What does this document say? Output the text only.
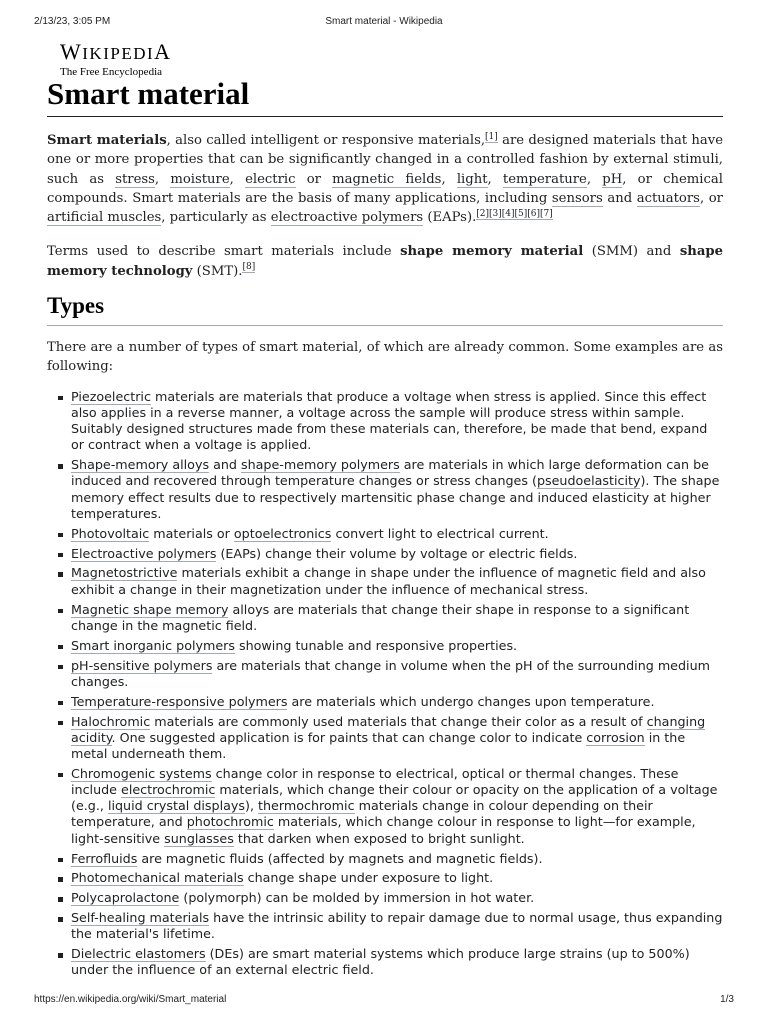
2/13/23, 3:05 PM	Smart material - Wikipedia
WIKIPEDIA
The Free Encyclopedia
Smart material

Smart materials, also called intelligent or responsive materials,[1] are designed materials that have one or more properties that can be significantly changed in a controlled fashion by external stimuli, such as stress, moisture, electric or magnetic fields, light, temperature, pH, or chemical compounds. Smart materials are the basis of many applications, including sensors and actuators, or artificial muscles, particularly as electroactive polymers (EAPs).[2][3][4][5][6][7]

Terms used to describe smart materials include shape memory material (SMM) and shape memory technology (SMT).[8]

Types

There are a number of types of smart material, of which are already common. Some examples are as following:

Piezoelectric materials are materials that produce a voltage when stress is applied. Since this effect also applies in a reverse manner, a voltage across the sample will produce stress within sample. Suitably designed structures made from these materials can, therefore, be made that bend, expand or contract when a voltage is applied.
Shape-memory alloys and shape-memory polymers are materials in which large deformation can be induced and recovered through temperature changes or stress changes (pseudoelasticity). The shape memory effect results due to respectively martensitic phase change and induced elasticity at higher temperatures.
Photovoltaic materials or optoelectronics convert light to electrical current.
Electroactive polymers (EAPs) change their volume by voltage or electric fields.
Magnetostrictive materials exhibit a change in shape under the influence of magnetic field and also exhibit a change in their magnetization under the influence of mechanical stress.
Magnetic shape memory alloys are materials that change their shape in response to a significant change in the magnetic field.
Smart inorganic polymers showing tunable and responsive properties.
pH-sensitive polymers are materials that change in volume when the pH of the surrounding medium changes.
Temperature-responsive polymers are materials which undergo changes upon temperature.
Halochromic materials are commonly used materials that change their color as a result of changing acidity. One suggested application is for paints that can change color to indicate corrosion in the metal underneath them.
Chromogenic systems change color in response to electrical, optical or thermal changes. These include electrochromic materials, which change their colour or opacity on the application of a voltage (e.g., liquid crystal displays), thermochromic materials change in colour depending on their temperature, and photochromic materials, which change colour in response to light—for example, light-sensitive sunglasses that darken when exposed to bright sunlight.
Ferrofluids are magnetic fluids (affected by magnets and magnetic fields).
Photomechanical materials change shape under exposure to light.
Polycaprolactone (polymorph) can be molded by immersion in hot water.
Self-healing materials have the intrinsic ability to repair damage due to normal usage, thus expanding the material's lifetime.
Dielectric elastomers (DEs) are smart material systems which produce large strains (up to 500%) under the influence of an external electric field.
https://en.wikipedia.org/wiki/Smart_material	1/3
